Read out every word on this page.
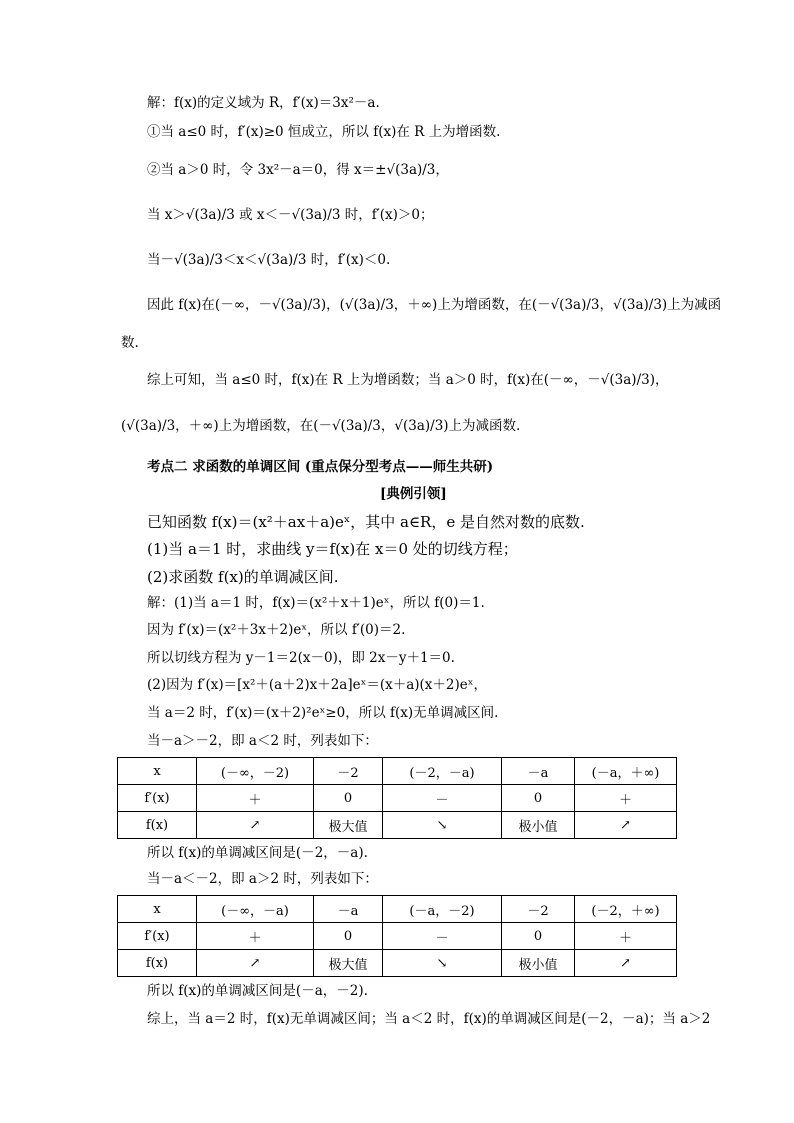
解：f(x)的定义域为 R，f′(x)＝3x²－a.
①当 a≤0 时，f′(x)≥0 恒成立，所以 f(x)在 R 上为增函数.
②当 a＞0 时，令 3x²－a＝0，得 x＝±√(3a)/3，
当 x＞√(3a)/3 或 x＜－√(3a)/3 时，f′(x)＞0；
当－√(3a)/3＜x＜√(3a)/3 时，f′(x)＜0.
因此 f(x)在(－∞，－√(3a)/3)，(√(3a)/3，＋∞)上为增函数，在(－√(3a)/3，√(3a)/3)上为减函
数.
综上可知，当 a≤0 时，f(x)在 R 上为增函数；当 a＞0 时，f(x)在(－∞，－√(3a)/3)，
(√(3a)/3，＋∞)上为增函数，在(－√(3a)/3，√(3a)/3)上为减函数.
考点二 求函数的单调区间 (重点保分型考点——师生共研)
[典例引领]
已知函数 f(x)＝(x²＋ax＋a)eˣ，其中 a∈R，e 是自然对数的底数.
(1)当 a＝1 时，求曲线 y＝f(x)在 x＝0 处的切线方程；
(2)求函数 f(x)的单调减区间.
解：(1)当 a＝1 时，f(x)＝(x²＋x＋1)eˣ，所以 f(0)＝1.
因为 f′(x)＝(x²＋3x＋2)eˣ，所以 f′(0)＝2.
所以切线方程为 y－1＝2(x－0)，即 2x－y＋1＝0.
(2)因为 f′(x)＝[x²＋(a＋2)x＋2a]eˣ＝(x＋a)(x＋2)eˣ，
当 a＝2 时，f′(x)＝(x＋2)²eˣ≥0，所以 f(x)无单调减区间.
当－a＞－2，即 a＜2 时，列表如下：
x	(－∞，－2)	－2	(－2，－a)	－a	(－a，＋∞)
f′(x)	＋	0	－	0	＋
f(x)	↗	极大值	↘	极小值	↗
所以 f(x)的单调减区间是(－2，－a).
当－a＜－2，即 a＞2 时，列表如下：
x	(－∞，－a)	－a	(－a，－2)	－2	(－2，＋∞)
f′(x)	＋	0	－	0	＋
f(x)	↗	极大值	↘	极小值	↗
所以 f(x)的单调减区间是(－a，－2).
综上，当 a＝2 时，f(x)无单调减区间；当 a＜2 时，f(x)的单调减区间是(－2，－a)；当 a＞2
